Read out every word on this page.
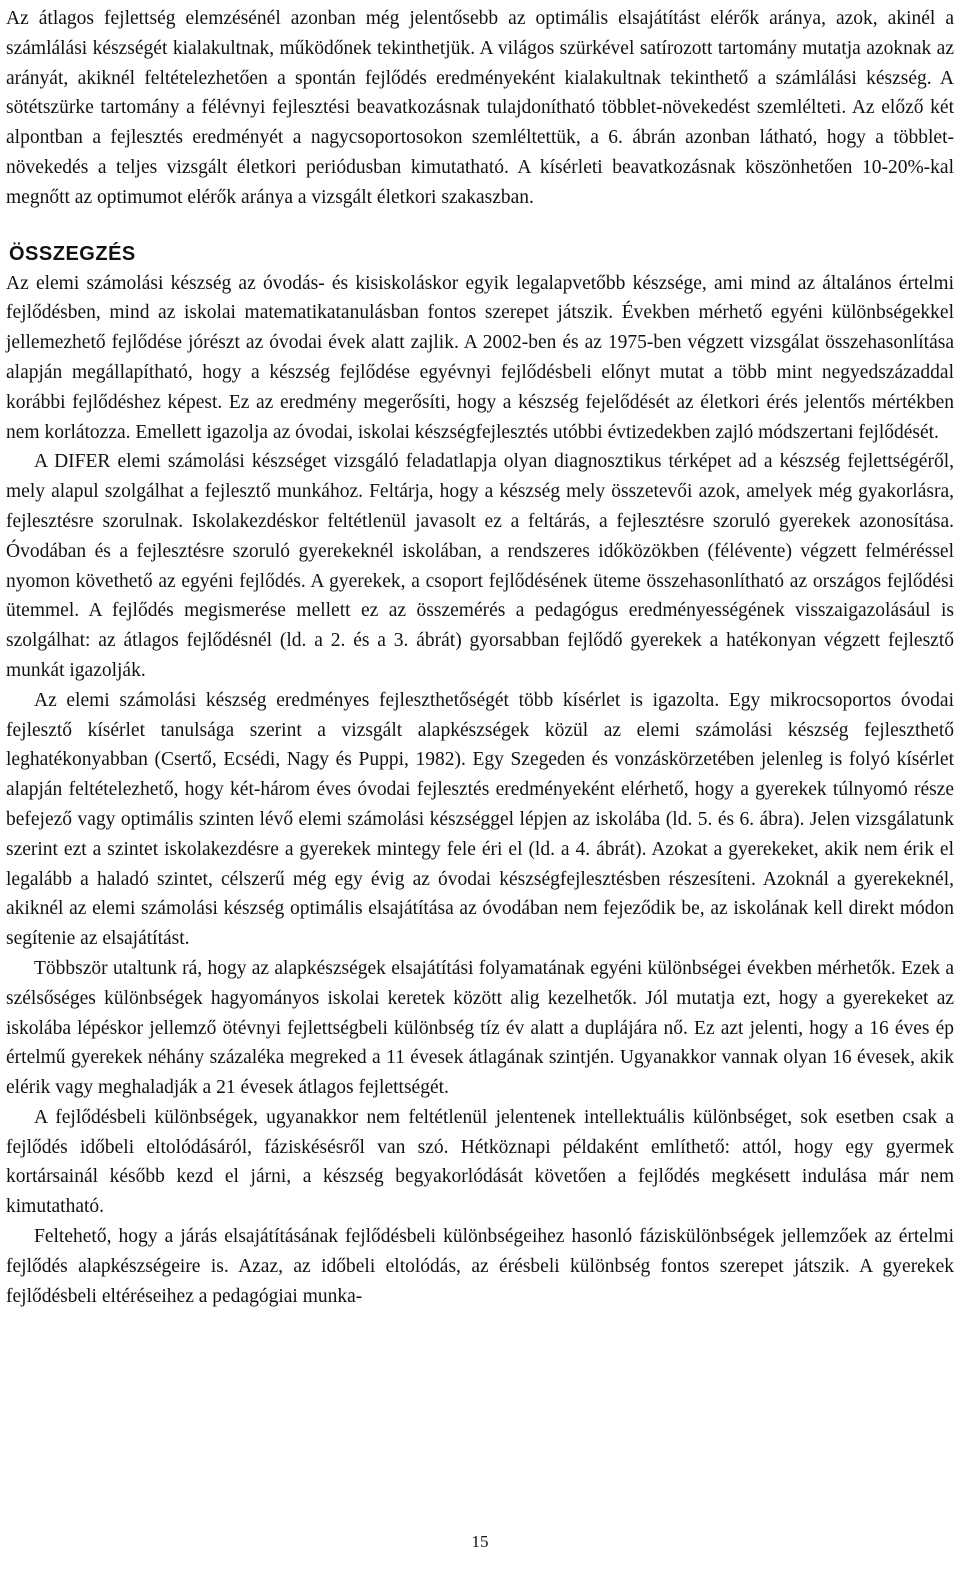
Az átlagos fejlettség elemzésénél azonban még jelentősebb az optimális elsajátítást elérők aránya, azok, akinél a számlálási készségét kialakultnak, működőnek tekinthetjük. A világos szürkével satírozott tartomány mutatja azoknak az arányát, akiknél feltételezhetően a spontán fejlődés eredményeként kialakultnak tekinthető a számlálási készség. A sötétszürke tartomány a félévnyi fejlesztési beavatkozásnak tulajdonítható többlet-növekedést szemlélteti. Az előző két alpontban a fejlesztés eredményét a nagycsoportosokon szemléltettük, a 6. ábrán azonban látható, hogy a többlet-növekedés a teljes vizsgált életkori periódusban kimutatható. A kísérleti beavatkozásnak köszönhetően 10-20%-kal megnőtt az optimumot elérők aránya a vizsgált életkori szakaszban.

ÖSSZEGZÉS

Az elemi számolási készség az óvodás- és kisiskoláskor egyik legalapvetőbb készsége, ami mind az általános értelmi fejlődésben, mind az iskolai matematikatanulásban fontos szerepet játszik. Években mérhető egyéni különbségekkel jellemezhető fejlődése jórészt az óvodai évek alatt zajlik. A 2002-ben és az 1975-ben végzett vizsgálat összehasonlítása alapján megállapítható, hogy a készség fejlődése egyévnyi fejlődésbeli előnyt mutat a több mint negyedszázaddal korábbi fejlődéshez képest. Ez az eredmény megerősíti, hogy a készség fejelődését az életkori érés jelentős mértékben nem korlátozza. Emellett igazolja az óvodai, iskolai készségfejlesztés utóbbi évtizedekben zajló módszertani fejlődését.

A DIFER elemi számolási készséget vizsgáló feladatlapja olyan diagnosztikus térképet ad a készség fejlettségéről, mely alapul szolgálhat a fejlesztő munkához. Feltárja, hogy a készség mely összetevői azok, amelyek még gyakorlásra, fejlesztésre szorulnak. Iskolakezdéskor feltétlenül javasolt ez a feltárás, a fejlesztésre szoruló gyerekek azonosítása. Óvodában és a fejlesztésre szoruló gyerekeknél iskolában, a rendszeres időközökben (félévente) végzett felméréssel nyomon követhető az egyéni fejlődés. A gyerekek, a csoport fejlődésének üteme összehasonlítható az országos fejlődési ütemmel. A fejlődés megismerése mellett ez az összemérés a pedagógus eredményességének visszaigazolásául is szolgálhat: az átlagos fejlődésnél (ld. a 2. és a 3. ábrát) gyorsabban fejlődő gyerekek a hatékonyan végzett fejlesztő munkát igazolják.

Az elemi számolási készség eredményes fejleszthetőségét több kísérlet is igazolta. Egy mikrocsoportos óvodai fejlesztő kísérlet tanulsága szerint a vizsgált alapkészségek közül az elemi számolási készség fejleszthető leghatékonyabban (Csertő, Ecsédi, Nagy és Puppi, 1982). Egy Szegeden és vonzáskörzetében jelenleg is folyó kísérlet alapján feltételezhető, hogy két-három éves óvodai fejlesztés eredményeként elérhető, hogy a gyerekek túlnyomó része befejező vagy optimális szinten lévő elemi számolási készséggel lépjen az iskolába (ld. 5. és 6. ábra). Jelen vizsgálatunk szerint ezt a szintet iskolakezdésre a gyerekek mintegy fele éri el (ld. a 4. ábrát). Azokat a gyerekeket, akik nem érik el legalább a haladó szintet, célszerű még egy évig az óvodai készségfejlesztésben részesíteni. Azoknál a gyerekeknél, akiknél az elemi számolási készség optimális elsajátítása az óvodában nem fejeződik be, az iskolának kell direkt módon segítenie az elsajátítást.

Többször utaltunk rá, hogy az alapkészségek elsajátítási folyamatának egyéni különbségei években mérhetők. Ezek a szélsőséges különbségek hagyományos iskolai keretek között alig kezelhetők. Jól mutatja ezt, hogy a gyerekeket az iskolába lépéskor jellemző ötévnyi fejlettségbeli különbség tíz év alatt a duplájára nő. Ez azt jelenti, hogy a 16 éves ép értelmű gyerekek néhány százaléka megreked a 11 évesek átlagának szintjén. Ugyanakkor vannak olyan 16 évesek, akik elérik vagy meghaladják a 21 évesek átlagos fejlettségét.

A fejlődésbeli különbségek, ugyanakkor nem feltétlenül jelentenek intellektuális különbséget, sok esetben csak a fejlődés időbeli eltolódásáról, fáziskésésről van szó. Hétköznapi példaként említhető: attól, hogy egy gyermek kortársainál később kezd el járni, a készség begyakorlódását követően a fejlődés megkésett indulása már nem kimutatható.

Feltehető, hogy a járás elsajátításának fejlődésbeli különbségeihez hasonló fáziskülönbségek jellemzőek az értelmi fejlődés alapkészségeire is. Azaz, az időbeli eltolódás, az érésbeli különbség fontos szerepet játszik. A gyerekek fejlődésbeli eltéréseihez a pedagógiai munka-

15
